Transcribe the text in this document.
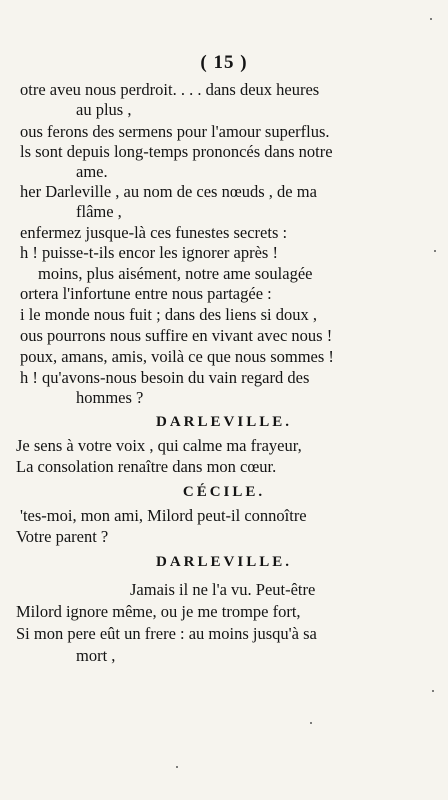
( 15 )
otre aveu nous perdroit. . . . dans deux heures
au plus ,
ous ferons des sermens pour l'amour superflus.
ls sont depuis long-temps prononcés dans notre
ame.
her Darleville , au nom de ces nœuds , de ma
flâme ,
enfermez jusque-là ces funestes secrets :
h ! puisse-t-ils encor les ignorer après !
moins, plus aisément, notre ame soulagée
ortera l'infortune entre nous partagée :
i le monde nous fuit ; dans des liens si doux ,
ous pourrons nous suffire en vivant avec nous !
poux, amans, amis, voilà ce que nous sommes !
h ! qu'avons-nous besoin du vain regard des
hommes ?
DARLEVILLE.
Je sens à votre voix , qui calme ma frayeur,
La consolation renaître dans mon cœur.
CÉCILE.
'tes-moi, mon ami, Milord peut-il connoître
Votre parent ?
DARLEVILLE.
Jamais il ne l'a vu. Peut-être
Milord ignore même, ou je me trompe fort,
Si mon pere eût un frere : au moins jusqu'à sa
mort ,
